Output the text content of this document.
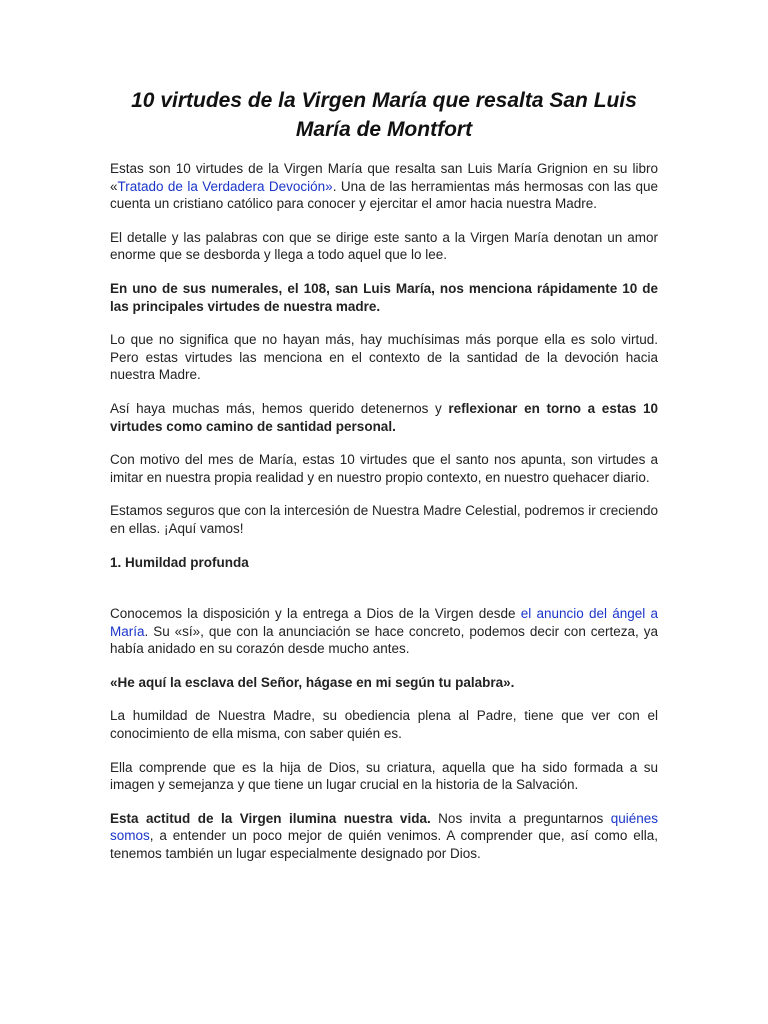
10 virtudes de la Virgen María que resalta San Luis María de Montfort

Estas son 10 virtudes de la Virgen María que resalta san Luis María Grignion en su libro «Tratado de la Verdadera Devoción». Una de las herramientas más hermosas con las que cuenta un cristiano católico para conocer y ejercitar el amor hacia nuestra Madre.

El detalle y las palabras con que se dirige este santo a la Virgen María denotan un amor enorme que se desborda y llega a todo aquel que lo lee.

En uno de sus numerales, el 108, san Luis María, nos menciona rápidamente 10 de las principales virtudes de nuestra madre.

Lo que no significa que no hayan más, hay muchísimas más porque ella es solo virtud. Pero estas virtudes las menciona en el contexto de la santidad de la devoción hacia nuestra Madre.

Así haya muchas más, hemos querido detenernos y reflexionar en torno a estas 10 virtudes como camino de santidad personal.

Con motivo del mes de María, estas 10 virtudes que el santo nos apunta, son virtudes a imitar en nuestra propia realidad y en nuestro propio contexto, en nuestro quehacer diario.

Estamos seguros que con la intercesión de Nuestra Madre Celestial, podremos ir creciendo en ellas. ¡Aquí vamos!

1. Humildad profunda

Conocemos la disposición y la entrega a Dios de la Virgen desde el anuncio del ángel a María. Su «sí», que con la anunciación se hace concreto, podemos decir con certeza, ya había anidado en su corazón desde mucho antes.

«He aquí la esclava del Señor, hágase en mi según tu palabra».

La humildad de Nuestra Madre, su obediencia plena al Padre, tiene que ver con el conocimiento de ella misma, con saber quién es.

Ella comprende que es la hija de Dios, su criatura, aquella que ha sido formada a su imagen y semejanza y que tiene un lugar crucial en la historia de la Salvación.

Esta actitud de la Virgen ilumina nuestra vida. Nos invita a preguntarnos quiénes somos, a entender un poco mejor de quién venimos. A comprender que, así como ella, tenemos también un lugar especialmente designado por Dios.
